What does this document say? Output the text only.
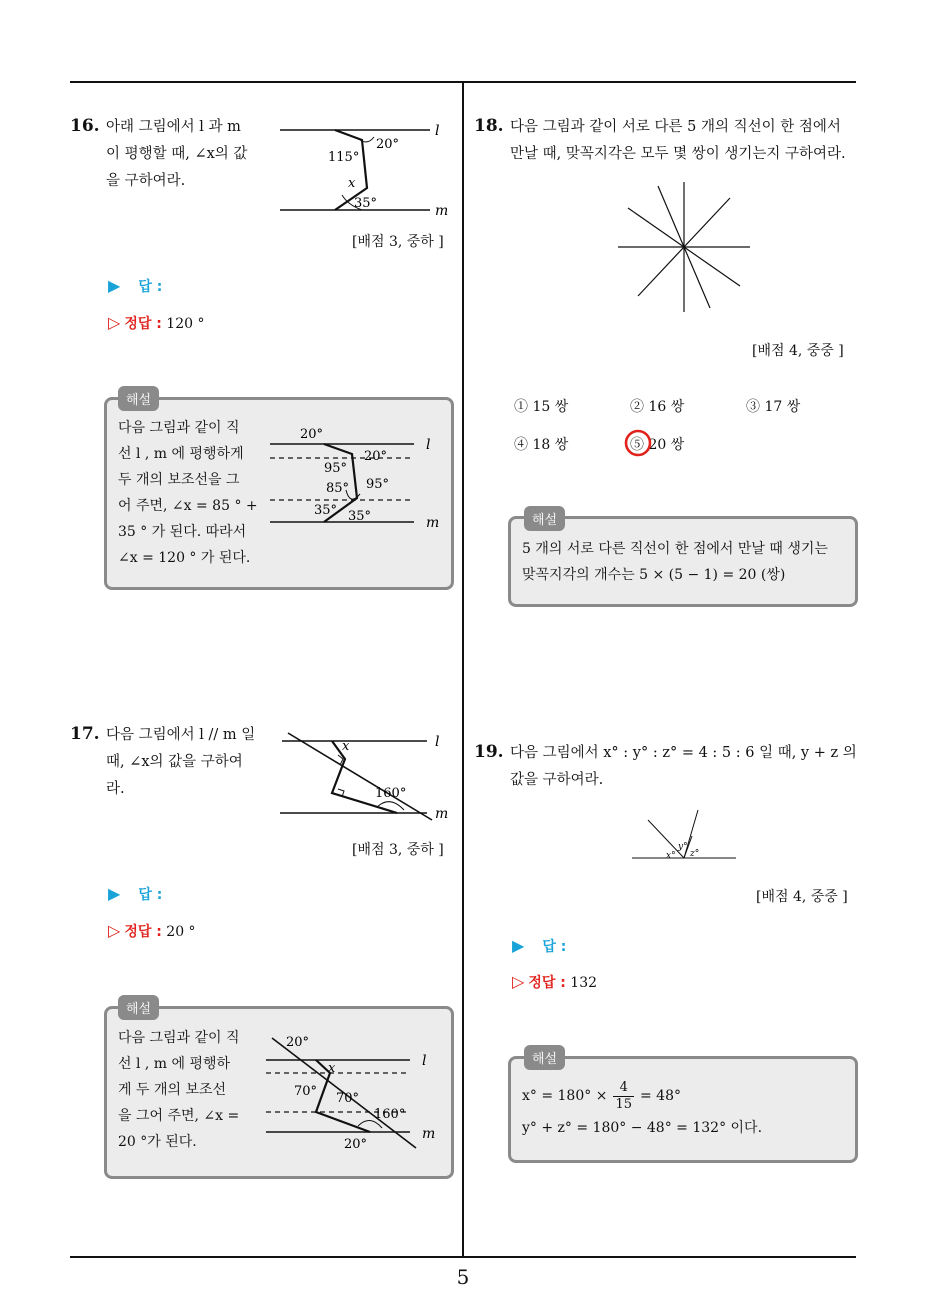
5
16. 아래 그림에서 l 과 m
이 평행할 때, ∠x의 값
을 구하여라.
l
m
20°
115°
x
35°
[배점 3, 중하 ]
▶ 답 :
▷ 정답 : 120 °
해설
다음 그림과 같이 직
선 l , m 에 평행하게
두 개의 보조선을 그
어 주면, ∠x = 85 ° +
35 ° 가 된다. 따라서
∠x = 120 ° 가 된다.
l
m
20°
95°
20°
85° 95°
35° 35°
17. 다음 그림에서 l // m 일
때, ∠x의 값을 구하여
라.
l
m
x
160°
[배점 3, 중하 ]
▶ 답 :
▷ 정답 : 20 °
해설
다음 그림과 같이 직
선 l , m 에 평행하
게 두 개의 보조선
을 그어 주면, ∠x =
20 °가 된다.
l
m
20°
x
70° 70°
160°
20°
18. 다음 그림과 같이 서로 다른 5 개의 직선이 한 점에서
만날 때, 맞꼭지각은 모두 몇 쌍이 생기는지 구하여라.
[배점 4, 중중 ]
① 15 쌍	② 16 쌍	③ 17 쌍
④ 18 쌍	⑤ 20 쌍
해설
5 개의 서로 다른 직선이 한 점에서 만날 때 생기는
맞꼭지각의 개수는 5 × (5 − 1) = 20 (쌍)
19. 다음 그림에서 x° : y° : z° = 4 : 5 : 6 일 때, y + z 의
값을 구하여라.
x°
y°
z°
[배점 4, 중중 ]
▶ 답 :
▷ 정답 : 132
해설
$x^\circ = 180^\circ \times \frac{4}{15} = 48^\circ$
y° + z° = 180° − 48° = 132° 이다.
